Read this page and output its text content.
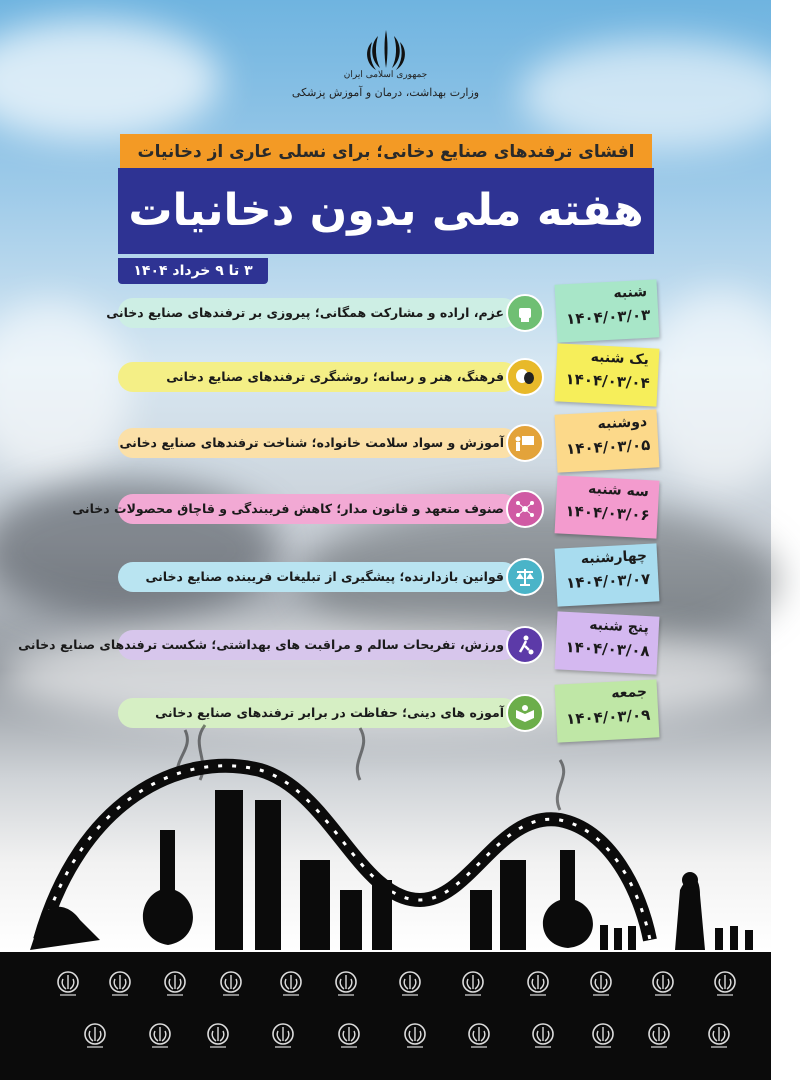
جمهوری اسلامی ایران
وزارت بهداشت، درمان و آموزش پزشکی
افشای ترفندهای صنایع دخانی؛ برای نسلی عاری از دخانیات
هفته ملی بدون دخانیات
۳ تا ۹ خرداد ۱۴۰۴
عزم، اراده و مشارکت همگانی؛ پیروزی بر ترفندهای صنایع دخانی
شنبه
۱۴۰۴/۰۳/۰۳
فرهنگ، هنر و رسانه؛ روشنگری ترفندهای صنایع دخانی
یک شنبه
۱۴۰۴/۰۳/۰۴
آموزش و سواد سلامت خانواده؛ شناخت ترفندهای صنایع دخانی
دوشنبه
۱۴۰۴/۰۳/۰۵
صنوف متعهد و قانون مدار؛ کاهش فریبندگی و قاچاق محصولات دخانی
سه شنبه
۱۴۰۴/۰۳/۰۶
قوانین بازدارنده؛ پیشگیری از تبلیغات فریبنده صنایع دخانی
چهارشنبه
۱۴۰۴/۰۳/۰۷
ورزش، تفریحات سالم و مراقبت های بهداشتی؛ شکست ترفندهای صنایع دخانی
پنج شنبه
۱۴۰۴/۰۳/۰۸
آموزه های دینی؛ حفاظت در برابر ترفندهای صنایع دخانی
جمعه
۱۴۰۴/۰۳/۰۹
